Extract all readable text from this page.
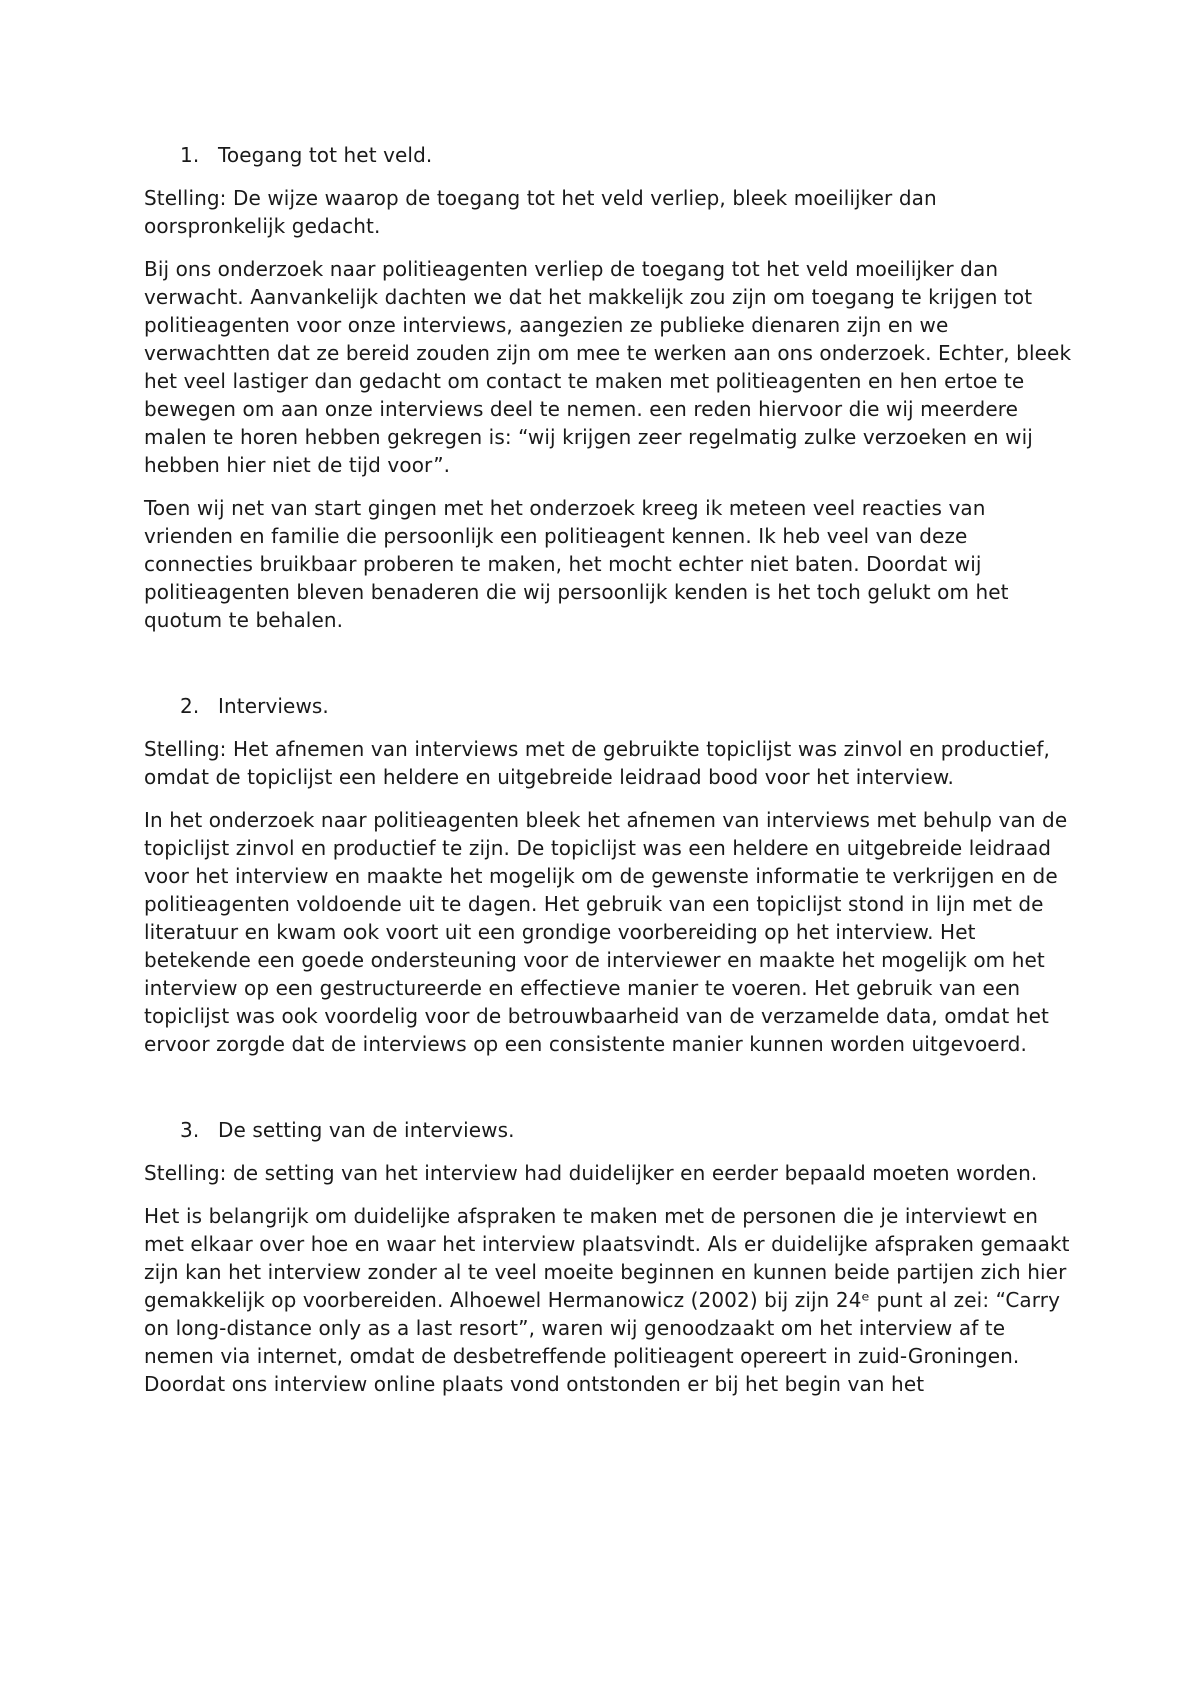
1. Toegang tot het veld.

Stelling: De wijze waarop de toegang tot het veld verliep, bleek moeilijker dan oorspronkelijk gedacht.

Bij ons onderzoek naar politieagenten verliep de toegang tot het veld moeilijker dan verwacht. Aanvankelijk dachten we dat het makkelijk zou zijn om toegang te krijgen tot politieagenten voor onze interviews, aangezien ze publieke dienaren zijn en we verwachtten dat ze bereid zouden zijn om mee te werken aan ons onderzoek. Echter, bleek het veel lastiger dan gedacht om contact te maken met politieagenten en hen ertoe te bewegen om aan onze interviews deel te nemen. een reden hiervoor die wij meerdere malen te horen hebben gekregen is: “wij krijgen zeer regelmatig zulke verzoeken en wij hebben hier niet de tijd voor”.

Toen wij net van start gingen met het onderzoek kreeg ik meteen veel reacties van vrienden en familie die persoonlijk een politieagent kennen. Ik heb veel van deze connecties bruikbaar proberen te maken, het mocht echter niet baten. Doordat wij politieagenten bleven benaderen die wij persoonlijk kenden is het toch gelukt om het quotum te behalen.

2. Interviews.

Stelling: Het afnemen van interviews met de gebruikte topiclijst was zinvol en productief, omdat de topiclijst een heldere en uitgebreide leidraad bood voor het interview.

In het onderzoek naar politieagenten bleek het afnemen van interviews met behulp van de topiclijst zinvol en productief te zijn. De topiclijst was een heldere en uitgebreide leidraad voor het interview en maakte het mogelijk om de gewenste informatie te verkrijgen en de politieagenten voldoende uit te dagen. Het gebruik van een topiclijst stond in lijn met de literatuur en kwam ook voort uit een grondige voorbereiding op het interview. Het betekende een goede ondersteuning voor de interviewer en maakte het mogelijk om het interview op een gestructureerde en effectieve manier te voeren. Het gebruik van een topiclijst was ook voordelig voor de betrouwbaarheid van de verzamelde data, omdat het ervoor zorgde dat de interviews op een consistente manier kunnen worden uitgevoerd.

3. De setting van de interviews.

Stelling: de setting van het interview had duidelijker en eerder bepaald moeten worden.

Het is belangrijk om duidelijke afspraken te maken met de personen die je interviewt en met elkaar over hoe en waar het interview plaatsvindt. Als er duidelijke afspraken gemaakt zijn kan het interview zonder al te veel moeite beginnen en kunnen beide partijen zich hier gemakkelijk op voorbereiden. Alhoewel Hermanowicz (2002) bij zijn 24ᵉ punt al zei: “Carry on long-distance only as a last resort”, waren wij genoodzaakt om het interview af te nemen via internet, omdat de desbetreffende politieagent opereert in zuid-Groningen. Doordat ons interview online plaats vond ontstonden er bij het begin van het
